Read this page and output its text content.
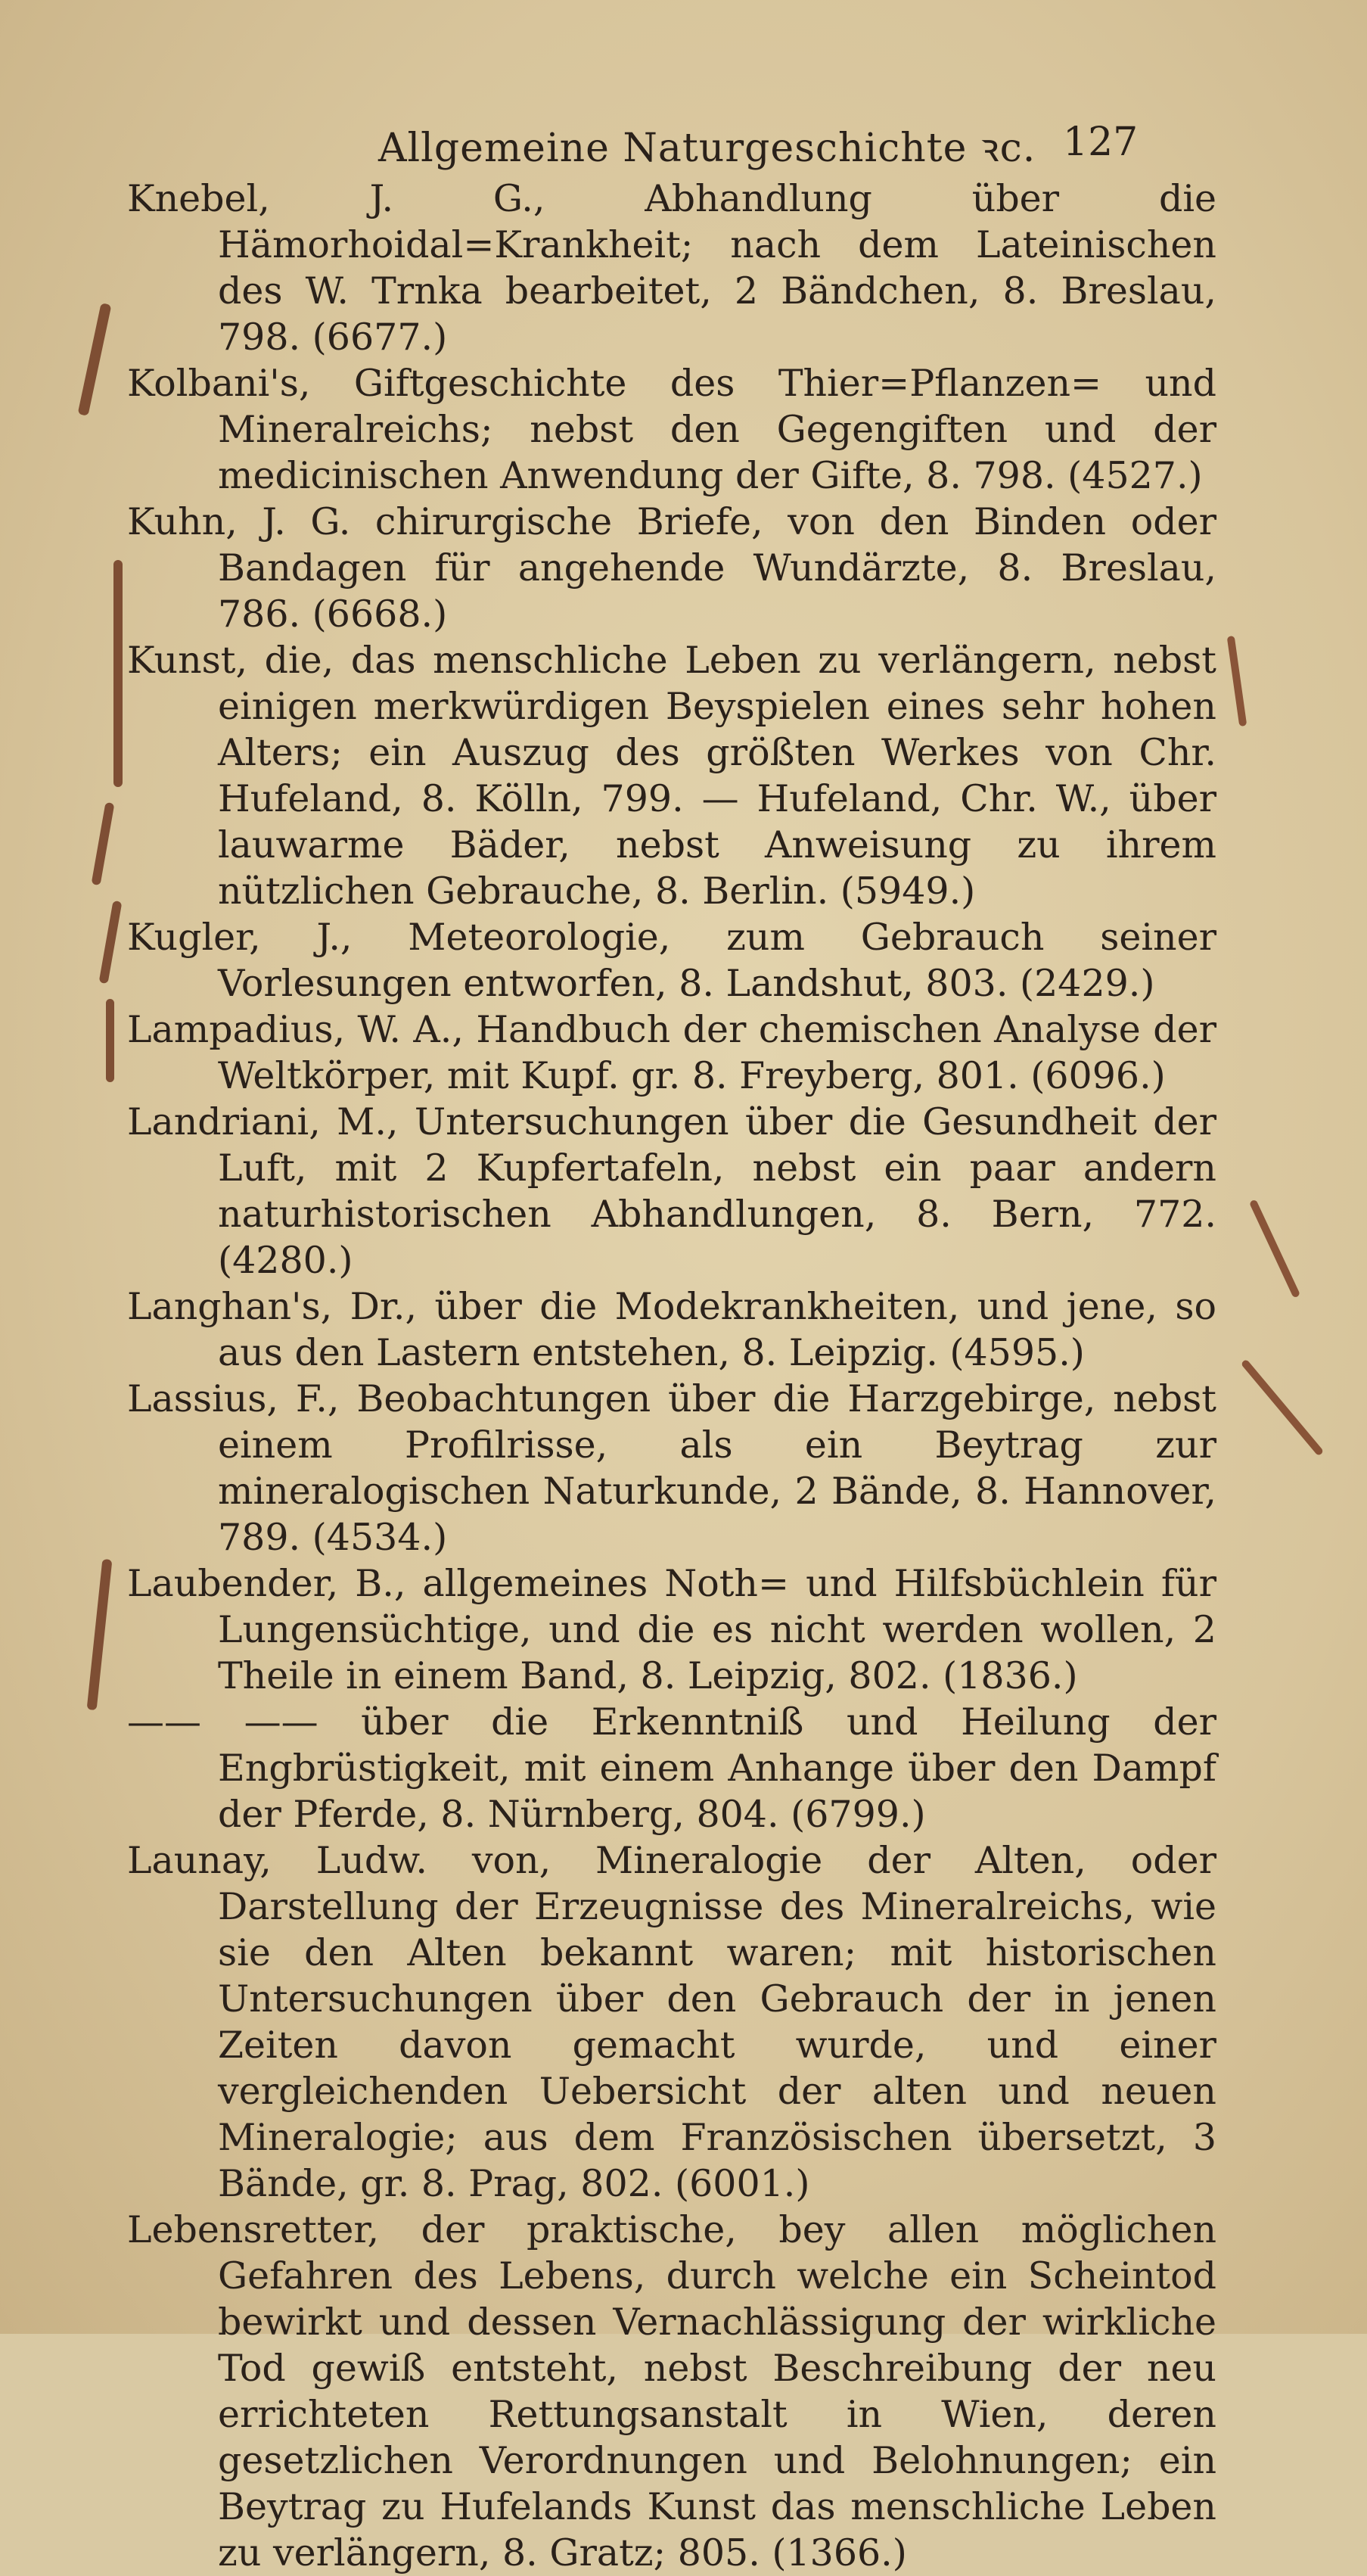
Allgemeine Naturgeschichte ꝛc. 127

Knebel, J. G., Abhandlung über die Hämorhoidal=Krankheit; nach dem Lateinischen des W. Trnka bearbeitet, 2 Bändchen, 8. Breslau, 798. (6677.)

Kolbani's, Giftgeschichte des Thier=Pflanzen= und Mineralreichs; nebst den Gegengiften und der medicinischen Anwendung der Gifte, 8. 798. (4527.)

Kuhn, J. G. chirurgische Briefe, von den Binden oder Bandagen für angehende Wundärzte, 8. Breslau, 786. (6668.)

Kunst, die, das menschliche Leben zu verlängern, nebst einigen merkwürdigen Beyspielen eines sehr hohen Alters; ein Auszug des größten Werkes von Chr. Hufeland, 8. Kölln, 799. — Hufeland, Chr. W., über lauwarme Bäder, nebst Anweisung zu ihrem nützlichen Gebrauche, 8. Berlin. (5949.)

Kugler, J., Meteorologie, zum Gebrauch seiner Vorlesungen entworfen, 8. Landshut, 803. (2429.)

Lampadius, W. A., Handbuch der chemischen Analyse der Weltkörper, mit Kupf. gr. 8. Freyberg, 801. (6096.)

Landriani, M., Untersuchungen über die Gesundheit der Luft, mit 2 Kupfertafeln, nebst ein paar andern naturhistorischen Abhandlungen, 8. Bern, 772. (4280.)

Langhan's, Dr., über die Modekrankheiten, und jene, so aus den Lastern entstehen, 8. Leipzig. (4595.)

Lassius, F., Beobachtungen über die Harzgebirge, nebst einem Profilrisse, als ein Beytrag zur mineralogischen Naturkunde, 2 Bände, 8. Hannover, 789. (4534.)

Laubender, B., allgemeines Noth= und Hilfsbüchlein für Lungensüchtige, und die es nicht werden wollen, 2 Theile in einem Band, 8. Leipzig, 802. (1836.)

—— —— über die Erkenntniß und Heilung der Engbrüstigkeit, mit einem Anhange über den Dampf der Pferde, 8. Nürnberg, 804. (6799.)

Launay, Ludw. von, Mineralogie der Alten, oder Darstellung der Erzeugnisse des Mineralreichs, wie sie den Alten bekannt waren; mit historischen Untersuchungen über den Gebrauch der in jenen Zeiten davon gemacht wurde, und einer vergleichenden Uebersicht der alten und neuen Mineralogie; aus dem Französischen übersetzt, 3 Bände, gr. 8. Prag, 802. (6001.)

Lebensretter, der praktische, bey allen möglichen Gefahren des Lebens, durch welche ein Scheintod bewirkt und dessen Vernachlässigung der wirkliche Tod gewiß entsteht, nebst Beschreibung der neu errichteten Rettungsanstalt in Wien, deren gesetzlichen Verordnungen und Belohnungen; ein Beytrag zu Hufelands Kunst das menschliche Leben zu verlängern, 8. Gratz; 805. (1366.)
